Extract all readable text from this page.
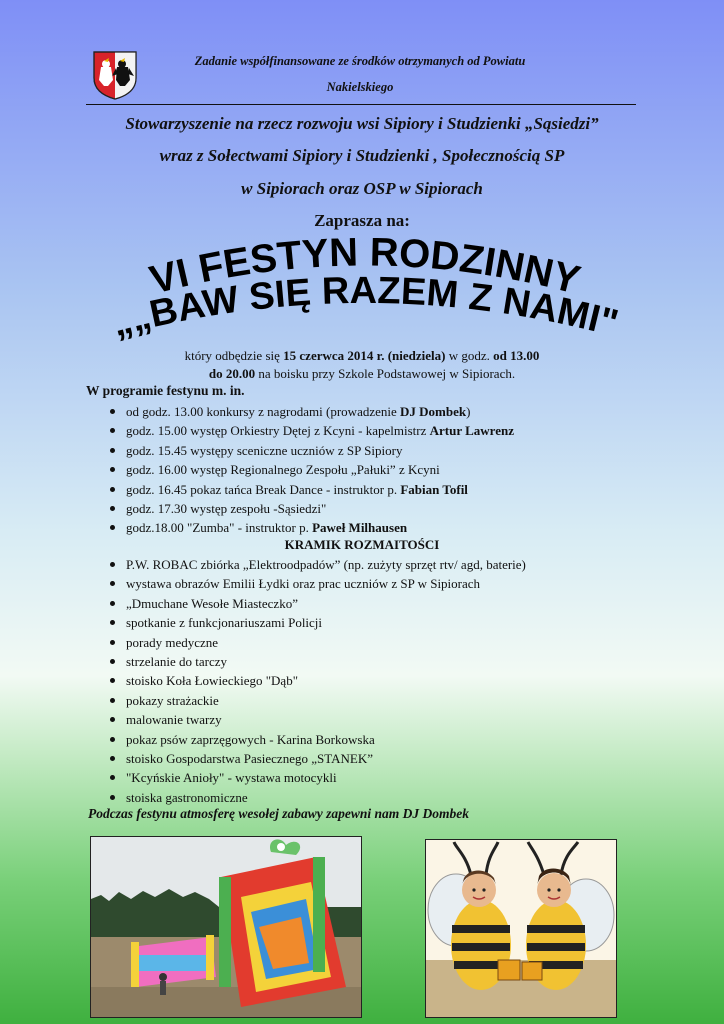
Zadanie współfinansowane ze środków otrzymanych od Powiatu
Nakielskiego
Stowarzyszenie na rzecz rozwoju wsi Sipiory i Studzienki „Sąsiedzi”
wraz z Sołectwami Sipiory i Studzienki , Społecznością SP
w Sipiorach oraz OSP w Sipiorach
Zaprasza na:
VI FESTYN RODZINNY
„„BAW SIĘ RAZEM Z NAMI"
który odbędzie się 15 czerwca 2014 r. (niedziela) w godz. od 13.00
do 20.00 na boisku przy Szkole Podstawowej w Sipiorach.
W programie festynu m. in.
od godz. 13.00 konkursy z nagrodami (prowadzenie DJ Dombek)
godz. 15.00 występ Orkiestry Dętej z Kcyni - kapelmistrz Artur Lawrenz
godz. 15.45 występy sceniczne uczniów z SP Sipiory
godz. 16.00 występ Regionalnego Zespołu „Pałuki” z Kcyni
godz. 16.45 pokaz tańca Break Dance - instruktor p. Fabian Tofil
godz. 17.30 występ zespołu -Sąsiedzi"
godz.18.00 "Zumba" - instruktor p. Paweł Milhausen
KRAMIK ROZMAITOŚCI
P.W. ROBAC zbiórka „Elektroodpadów” (np. zużyty sprzęt rtv/ agd, baterie)
wystawa obrazów Emilii Łydki oraz prac uczniów z SP w Sipiorach
„Dmuchane Wesołe Miasteczko”
spotkanie z funkcjonariuszami Policji
porady medyczne
strzelanie do tarczy
stoisko Koła Łowieckiego "Dąb"
pokazy strażackie
malowanie twarzy
pokaz psów zaprzęgowych - Karina Borkowska
stoisko Gospodarstwa Pasiecznego „STANEK”
"Kcyńskie Anioły" - wystawa motocykli
stoiska gastronomiczne
Podczas festynu atmosferę wesołej zabawy zapewni nam DJ Dombek
